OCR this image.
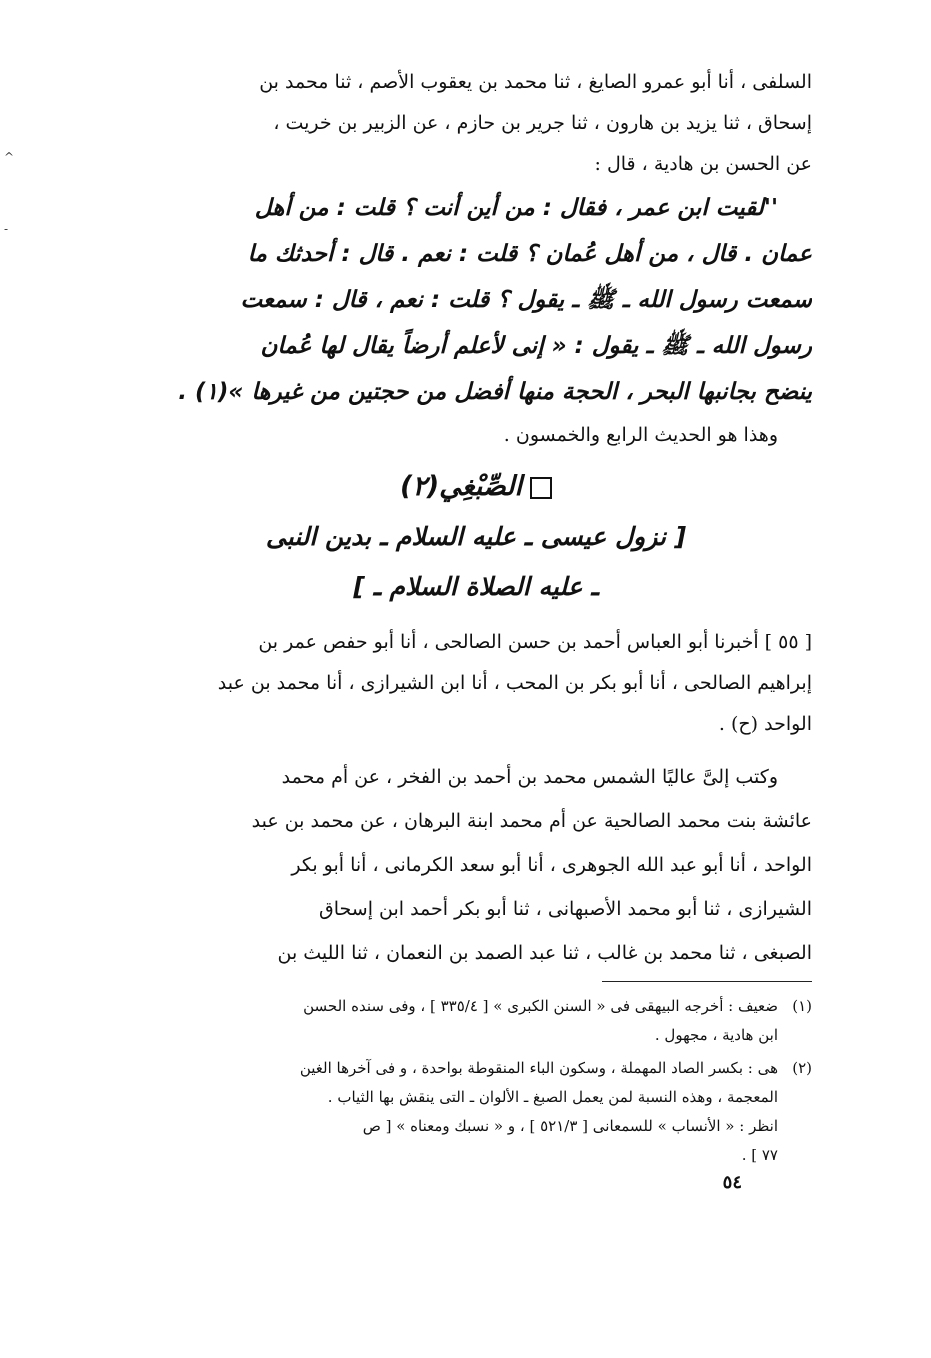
^
-
السلفى ، أنا أبو عمرو الصايغ ، ثنا محمد بن يعقوب الأصم ، ثنا محمد بن
إسحاق ، ثنا يزيد بن هارون ، ثنا جرير بن حازم ، عن الزبير بن خريت ،
عن الحسن بن هادية ، قال :
''لقيت ابن عمر ، فقال : من أين أنت ؟ قلت : من أهل
عمان . قال ، من أهل عُمان ؟ قلت : نعم . قال : أحدثك ما
سمعت رسول الله ـ ﷺ ـ يقول ؟ قلت : نعم ، قال : سمعت
رسول الله ـ ﷺ ـ يقول : « إنى لأعلم أرضاً يقال لها عُمان
ينضح بجانبها البحر ، الحجة منها أفضل من حجتين من غيرها »(١) .
وهذا هو الحديث الرابع والخمسون .
الصِّبْغِي(٢)
[ نزول عيسى ـ عليه السلام ـ بدين النبى
ـ عليه الصلاة السلام ـ ]
[ ٥٥ ] أخبرنا أبو العباس أحمد بن حسن الصالحى ، أنا أبو حفص عمر بن
إبراهيم الصالحى ، أنا أبو بكر بن المحب ، أنا ابن الشيرازى ، أنا محمد بن عبد
الواحد (ح) .
وكتب إلىَّ عاليًا الشمس محمد بن أحمد بن الفخر ، عن أم محمد
عائشة بنت محمد الصالحية عن أم محمد ابنة البرهان ، عن محمد بن عبد
الواحد ، أنا أبو عبد الله الجوهرى ، أنا أبو سعد الكرمانى ، أنا أبو بكر
الشيرازى ، ثنا أبو محمد الأصبهانى ، ثنا أبو بكر أحمد ابن إسحاق
الصبغى ، ثنا محمد بن غالب ، ثنا عبد الصمد بن النعمان ، ثنا الليث بن
(١)ضعيف : أخرجه البيهقى فى « السنن الكبرى » [ ٣٣٥/٤ ] ، وفى سنده الحسن
ابن هادية ، مجهول .
(٢)هى : بكسر الصاد المهملة ، وسكون الباء المنقوطة بواحدة ، و فى آخرها الغين
المعجمة ، وهذه النسبة لمن يعمل الصبغ ـ الألوان ـ التى ينقش بها الثياب .
انظر : « الأنساب » للسمعانى [ ٥٢١/٣ ] ، و « نسبك ومعناه » [ ص
٧٧ ] .
٥٤
